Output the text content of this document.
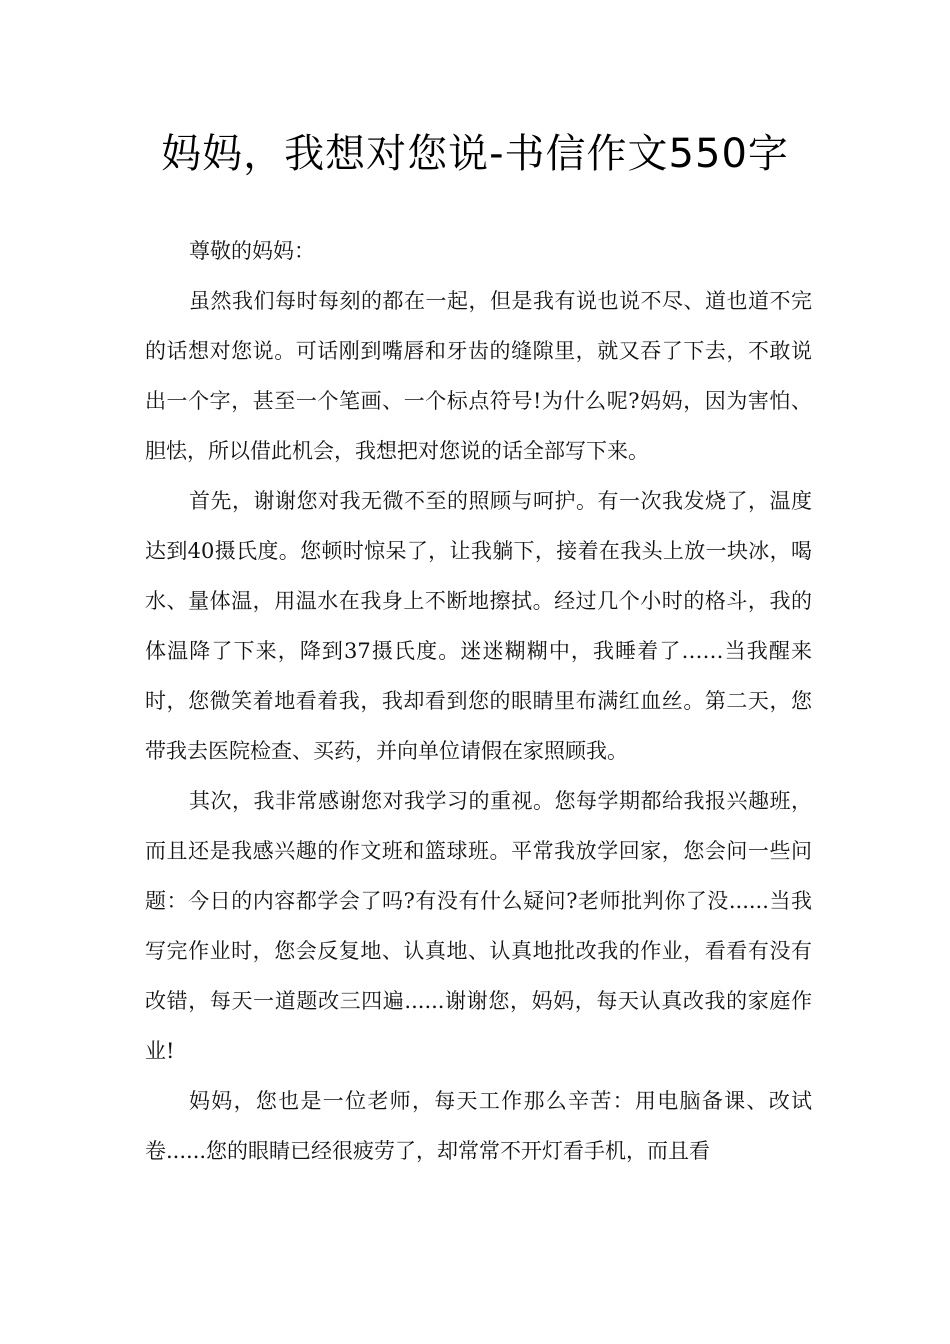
妈妈，我想对您说-书信作文550字

尊敬的妈妈：

虽然我们每时每刻的都在一起，但是我有说也说不尽、道也道不完的话想对您说。可话刚到嘴唇和牙齿的缝隙里，就又吞了下去，不敢说出一个字，甚至一个笔画、一个标点符号!为什么呢?妈妈，因为害怕、胆怯，所以借此机会，我想把对您说的话全部写下来。

首先，谢谢您对我无微不至的照顾与呵护。有一次我发烧了，温度达到40摄氏度。您顿时惊呆了，让我躺下，接着在我头上放一块冰，喝水、量体温，用温水在我身上不断地擦拭。经过几个小时的格斗，我的体温降了下来，降到37摄氏度。迷迷糊糊中，我睡着了……当我醒来时，您微笑着地看着我，我却看到您的眼睛里布满红血丝。第二天，您带我去医院检查、买药，并向单位请假在家照顾我。

其次，我非常感谢您对我学习的重视。您每学期都给我报兴趣班，而且还是我感兴趣的作文班和篮球班。平常我放学回家，您会问一些问题：今日的内容都学会了吗?有没有什么疑问?老师批判你了没......当我写完作业时，您会反复地、认真地、认真地批改我的作业，看看有没有改错，每天一道题改三四遍......谢谢您，妈妈，每天认真改我的家庭作业!

妈妈，您也是一位老师，每天工作那么辛苦：用电脑备课、改试卷......您的眼睛已经很疲劳了，却常常不开灯看手机，而且看
